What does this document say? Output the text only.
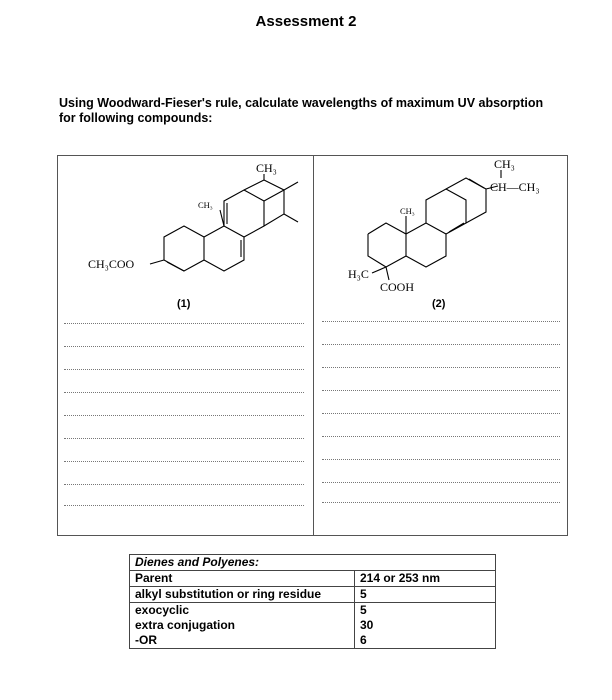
Assessment 2
Using Woodward-Fieser's rule, calculate wavelengths of maximum UV absorption
for following compounds:
CH₃
CH₃
CH₃COO
(1)
CH₃
CH—CH₃
CH₃
H₃C
COOH
(2)
Dienes and Polyenes:	
Parent	214 or 253 nm
alkyl substitution or ring residue	5
exocyclic	5
extra conjugation	30
-OR	6
